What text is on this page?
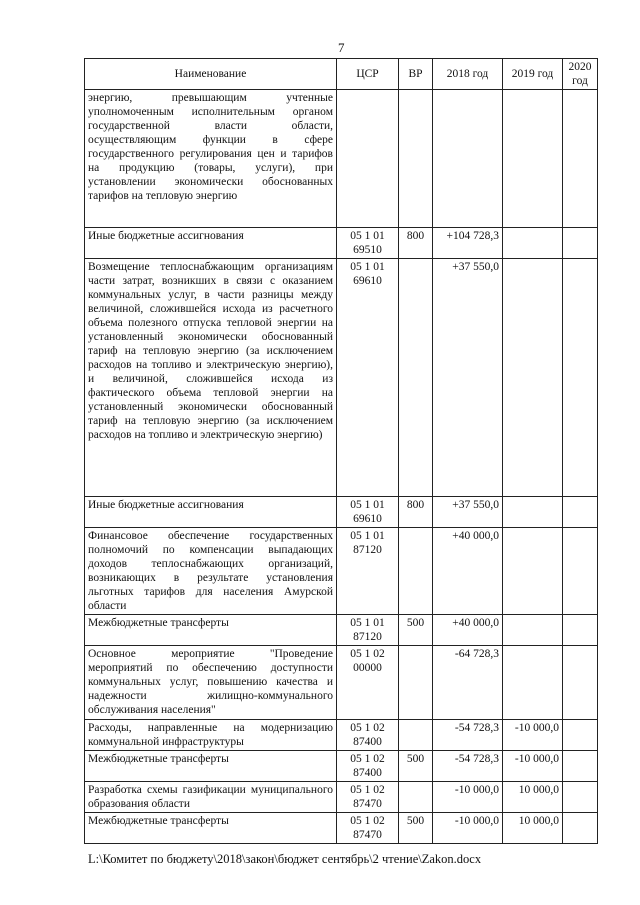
7
Наименование	ЦСР	ВР	2018 год	2019 год	2020 год
энергию, превышающим учтенные уполномоченным исполнительным органом государственной власти области, осуществляющим функции в сфере государственного регулирования цен и тарифов на продукцию (товары, услуги), при установлении экономически обоснованных тарифов на тепловую энергию					
Иные бюджетные ассигнования	05 1 01 69510	800	+104 728,3		
Возмещение теплоснабжающим организациям части затрат, возникших в связи с оказанием коммунальных услуг, в части разницы между величиной, сложившейся исхода из расчетного объема полезного отпуска тепловой энергии на установленный экономически обоснованный тариф на тепловую энергию (за исключением расходов на топливо и электрическую энергию), и величиной, сложившейся исхода из фактического объема тепловой энергии на установленный экономически обоснованный тариф на тепловую энергию (за исключением расходов на топливо и электрическую энергию)	05 1 01 69610		+37 550,0		
Иные бюджетные ассигнования	05 1 01 69610	800	+37 550,0		
Финансовое обеспечение государственных полномочий по компенсации выпадающих доходов теплоснабжающих организаций, возникающих в результате установления льготных тарифов для населения Амурской области	05 1 01 87120		+40 000,0		
Межбюджетные трансферты	05 1 01 87120	500	+40 000,0		
Основное мероприятие "Проведение мероприятий по обеспечению доступности коммунальных услуг, повышению качества и надежности жилищно-коммунального обслуживания населения"	05 1 02 00000		-64 728,3		
Расходы, направленные на модернизацию коммунальной инфраструктуры	05 1 02 87400		-54 728,3	-10 000,0	
Межбюджетные трансферты	05 1 02 87400	500	-54 728,3	-10 000,0	
Разработка схемы газификации муниципального образования области	05 1 02 87470		-10 000,0	10 000,0	
Межбюджетные трансферты	05 1 02 87470	500	-10 000,0	10 000,0	
L:\Комитет по бюджету\2018\закон\бюджет сентябрь\2 чтение\Zakon.docx
